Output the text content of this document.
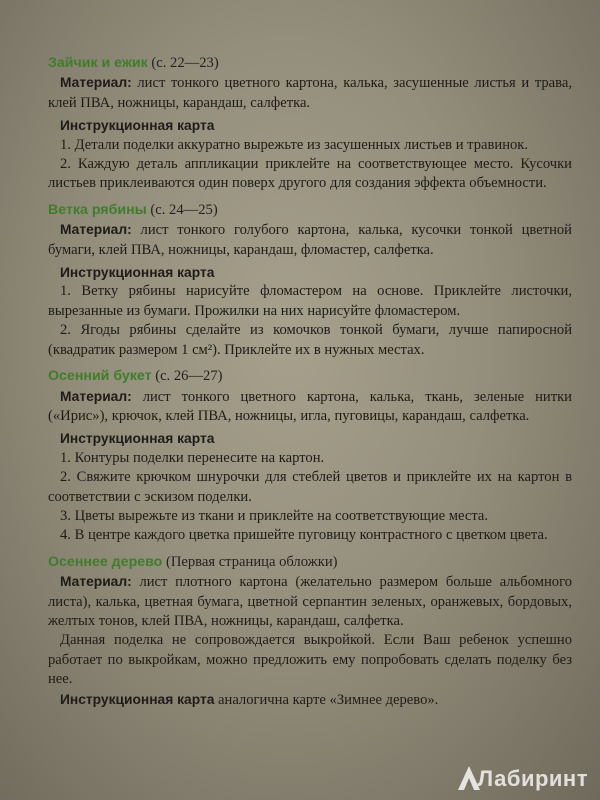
Зайчик и ежик (с. 22—23)

Материал: лист тонкого цветного картона, калька, засушенные листья и трава, клей ПВА, ножницы, карандаш, салфетка.

Инструкционная карта

1. Детали поделки аккуратно вырежьте из засушенных листьев и травинок.

2. Каждую деталь аппликации приклейте на соответствующее место. Кусочки листьев приклеиваются один поверх другого для создания эффекта объемности.

Ветка рябины (с. 24—25)

Материал: лист тонкого голубого картона, калька, кусочки тонкой цветной бумаги, клей ПВА, ножницы, карандаш, фломастер, салфетка.

Инструкционная карта

1. Ветку рябины нарисуйте фломастером на основе. Приклейте листочки, вырезанные из бумаги. Прожилки на них нарисуйте фломастером.

2. Ягоды рябины сделайте из комочков тонкой бумаги, лучше папиросной (квадратик размером 1 см²). Приклейте их в нужных местах.

Осенний букет (с. 26—27)

Материал: лист тонкого цветного картона, калька, ткань, зеленые нитки («Ирис»), крючок, клей ПВА, ножницы, игла, пуговицы, карандаш, салфетка.

Инструкционная карта

1. Контуры поделки перенесите на картон.

2. Свяжите крючком шнурочки для стеблей цветов и приклейте их на картон в соответствии с эскизом поделки.

3. Цветы вырежьте из ткани и приклейте на соответствующие места.

4. В центре каждого цветка пришейте пуговицу контрастного с цветком цвета.

Осеннее дерево (Первая страница обложки)

Материал: лист плотного картона (желательно размером больше альбомного листа), калька, цветная бумага, цветной серпантин зеленых, оранжевых, бордовых, желтых тонов, клей ПВА, ножницы, карандаш, салфетка.

Данная поделка не сопровождается выкройкой. Если Ваш ребенок успешно работает по выкройкам, можно предложить ему попробовать сделать поделку без нее.

Инструкционная карта аналогична карте «Зимнее дерево».

Лабиринт
